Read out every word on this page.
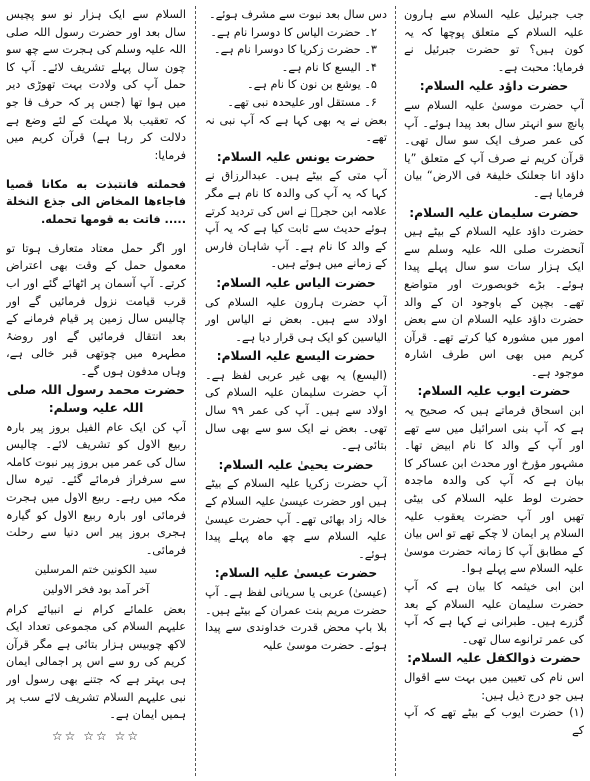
جب جبرئیل علیہ السلام سے ہارون علیہ السلام کے متعلق پوچھا کہ یہ کون ہیں؟ تو حضرت جبرئیل نے فرمایا: محبت ہے۔

حضرت داؤد علیہ السلام:

آپ حضرت موسیٰ علیہ السلام سے پانچ سو انہتر سال بعد پیدا ہوئے۔ آپ کی عمر صرف ایک سو سال تھی۔ قرآن کریم نے صرف آپ کے متعلق ”یا داؤد انا جعلنک خلیفۃ فی الارض“ بیان فرمایا ہے۔

حضرت سلیمان علیہ السلام:

حضرت داؤد علیہ السلام کے بیٹے ہیں آنحضرت صلی اللہ علیہ وسلم سے ایک ہزار سات سو سال پہلے پیدا ہوئے۔ بڑے خوبصورت اور متواضع تھے۔ بچپن کے باوجود ان کے والد حضرت داؤد علیہ السلام ان سے بعض امور میں مشورہ کیا کرتے تھے۔ قرآن کریم میں بھی اس طرف اشارہ موجود ہے۔

حضرت ایوب علیہ السلام:

ابن اسحاق فرماتے ہیں کہ صحیح یہ ہے کہ آپ بنی اسرائیل میں سے تھے اور آپ کے والد کا نام ابیض تھا۔ مشہور مؤرخ اور محدث ابن عساکر کا بیان ہے کہ آپ کی والدہ ماجدہ حضرت لوط علیہ السلام کی بیٹی تھیں اور آپ حضرت یعقوب علیہ السلام پر ایمان لا چکے تھے تو اس بیان کے مطابق آپ کا زمانہ حضرت موسیٰ علیہ السلام سے پہلے ہوا۔

ابن ابی خیثمہ کا بیان ہے کہ آپ حضرت سلیمان علیہ السلام کے بعد گزرے ہیں۔ طبرانی نے کہا ہے کہ آپ کی عمر ترانوے سال تھی۔

حضرت ذوالکفل علیہ السلام:

اس نام کی تعیین میں بہت سے اقوال ہیں جو درج ذیل ہیں:

(۱) حضرت ایوب کے بیٹے تھے کہ آپ کے

دس سال بعد نبوت سے مشرف ہوئے۔

۲۔ حضرت الیاس کا دوسرا نام ہے۔

۳۔ حضرت زکریا کا دوسرا نام ہے۔

۴۔ الیسع کا نام ہے۔

۵۔ یوشع بن نون کا نام ہے۔

۶۔ مستقل اور علیحدہ نبی تھے۔

بعض نے یہ بھی کہا ہے کہ آپ نبی نہ تھے۔

حضرت یونس علیہ السلام:

آپ متی کے بیٹے ہیں۔ عبدالرزاق نے کہا کہ یہ آپ کی والدہ کا نام ہے مگر علامہ ابن حجرؒ نے اس کی تردید کرتے ہوئے حدیث سے ثابت کیا ہے کہ یہ آپ کے والد کا نام ہے۔ آپ شاہان فارس کے زمانے میں ہوئے ہیں۔

حضرت الیاس علیہ السلام:

آپ حضرت ہارون علیہ السلام کی اولاد سے ہیں۔ بعض نے الیاس اور الیاسین کو ایک ہی قرار دیا ہے۔

حضرت الیسع علیہ السلام:

(الیسع) یہ بھی غیر عربی لفظ ہے۔ آپ حضرت سلیمان علیہ السلام کی اولاد سے ہیں۔ آپ کی عمر ۹۹ سال تھی۔ بعض نے ایک سو سے بھی سال بتائی ہے۔

حضرت یحییٰ علیہ السلام:

آپ حضرت زکریا علیہ السلام کے بیٹے ہیں اور حضرت عیسیٰ علیہ السلام کے خالہ زاد بھائی تھے۔ آپ حضرت عیسیٰ علیہ السلام سے چھ ماہ پہلے پیدا ہوئے۔

حضرت عیسیٰ علیہ السلام:

(عیسیٰ) عربی یا سریانی لفظ ہے۔ آپ حضرت مریم بنت عمران کے بیٹے ہیں۔ بلا باپ محض قدرت خداوندی سے پیدا ہوئے۔ حضرت موسیٰ علیہ

السلام سے ایک ہزار نو سو پچیس سال بعد اور حضرت رسول اللہ صلی اللہ علیہ وسلم کی ہجرت سے چھ سو چون سال پہلے تشریف لائے۔ آپ کا حمل آپ کی ولادت بہت تھوڑی دیر میں ہوا تھا (جس پر کہ حرف فا جو کہ تعقیب بلا مہلت کے لئے وضع ہے دلالت کر رہا ہے) قرآن کریم میں فرمایا:

فحملته فانتبذت به مكانا قصيا فاجاءها المخاض الى جذع النخلة ..... فاتت به قومها تحمله.

اور اگر حمل معتاد متعارف ہوتا تو معمول حمل کے وقت بھی اعتراض کرتے۔ آپ آسمان پر اٹھائے گئے اور اب قرب قیامت نزول فرمائیں گے اور چالیس سال زمین پر قیام فرمانے کے بعد انتقال فرمائیں گے اور روضۂ مطہرہ میں چوتھی قبر خالی ہے، وہاں مدفون ہوں گے۔

حضرت محمد رسول اللہ صلی اللہ علیہ وسلم:

آپ کن ایک عام الفیل بروز پیر بارہ ربیع الاول کو تشریف لائے۔ چالیس سال کی عمر میں بروز پیر نبوت کاملہ سے سرفراز فرمائے گئے۔ تیرہ سال مکہ میں رہے۔ ربیع الاول میں ہجرت فرمائی اور بارہ ربیع الاول کو گیارہ ہجری بروز پیر اس دنیا سے رحلت فرمائی۔

سید الکونین ختم المرسلین
آخر آمد بود فخر الاولین

بعض علمائے کرام نے انبیائے کرام علیہم السلام کی مجموعی تعداد ایک لاکھ چوبیس ہزار بتائی ہے مگر قرآن کریم کی رو سے اس پر اجمالی ایمان ہی بہتر ہے کہ جتنے بھی رسول اور نبی علیہم السلام تشریف لائے سب پر ہمیں ایمان ہے۔

☆☆ ☆☆ ☆☆
